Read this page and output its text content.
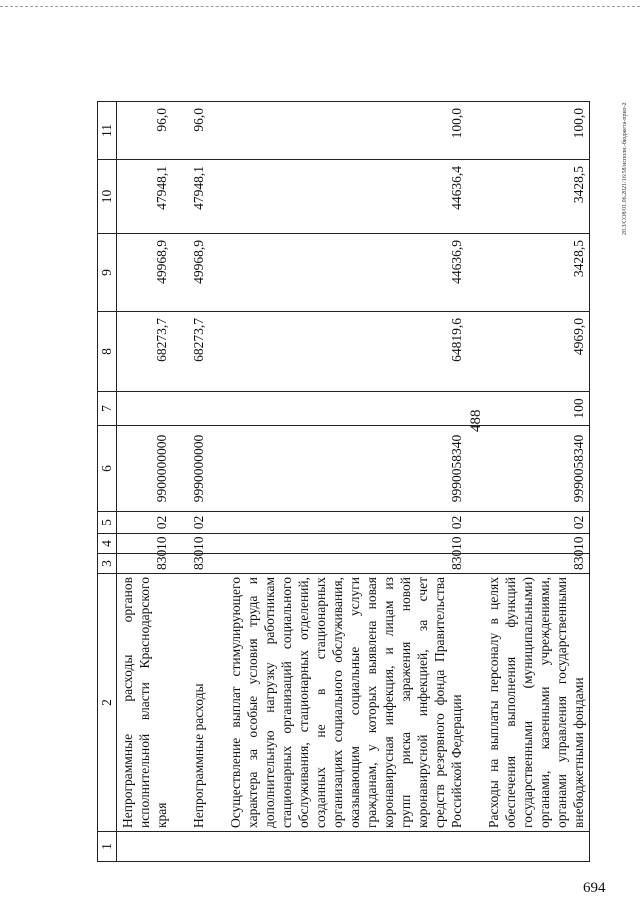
488
20.3/CO8/01.06.2021/16:58/исполн.-бюджета-прил-2
694
1	2	3	4	5	6	7	8	9	10	11
	Непрограммные расходы органов исполнительной власти Краснодарского края	830	10	02	9900000000		68273,7	49968,9	47948,1	96,0

	Непрограммные расходы	830	10	02	9990000000		68273,7	49968,9	47948,1	96,0

	Осуществление выплат стимулирующего характера за особые условия труда и дополнительную нагрузку работникам стационарных организаций социального обслуживания, стационарных отделений, созданных не в стационарных организациях социального обслуживания, оказывающим социальные услуги гражданам, у которых выявлена новая коронавирусная инфекция, и лицам из групп риска заражения новой коронавирусной инфекцией, за счет средств резервного фонда Правительства Российской Федерации	830	10	02	9990058340		64819,6	44636,9	44636,4	100,0

	Расходы на выплаты персоналу в целях обеспечения выполнения функций государственными (муниципальными) органами, казенными учреждениями, органами управления государственными внебюджетными фондами	830	10	02	9990058340	100	4969,0	3428,5	3428,5	100,0
